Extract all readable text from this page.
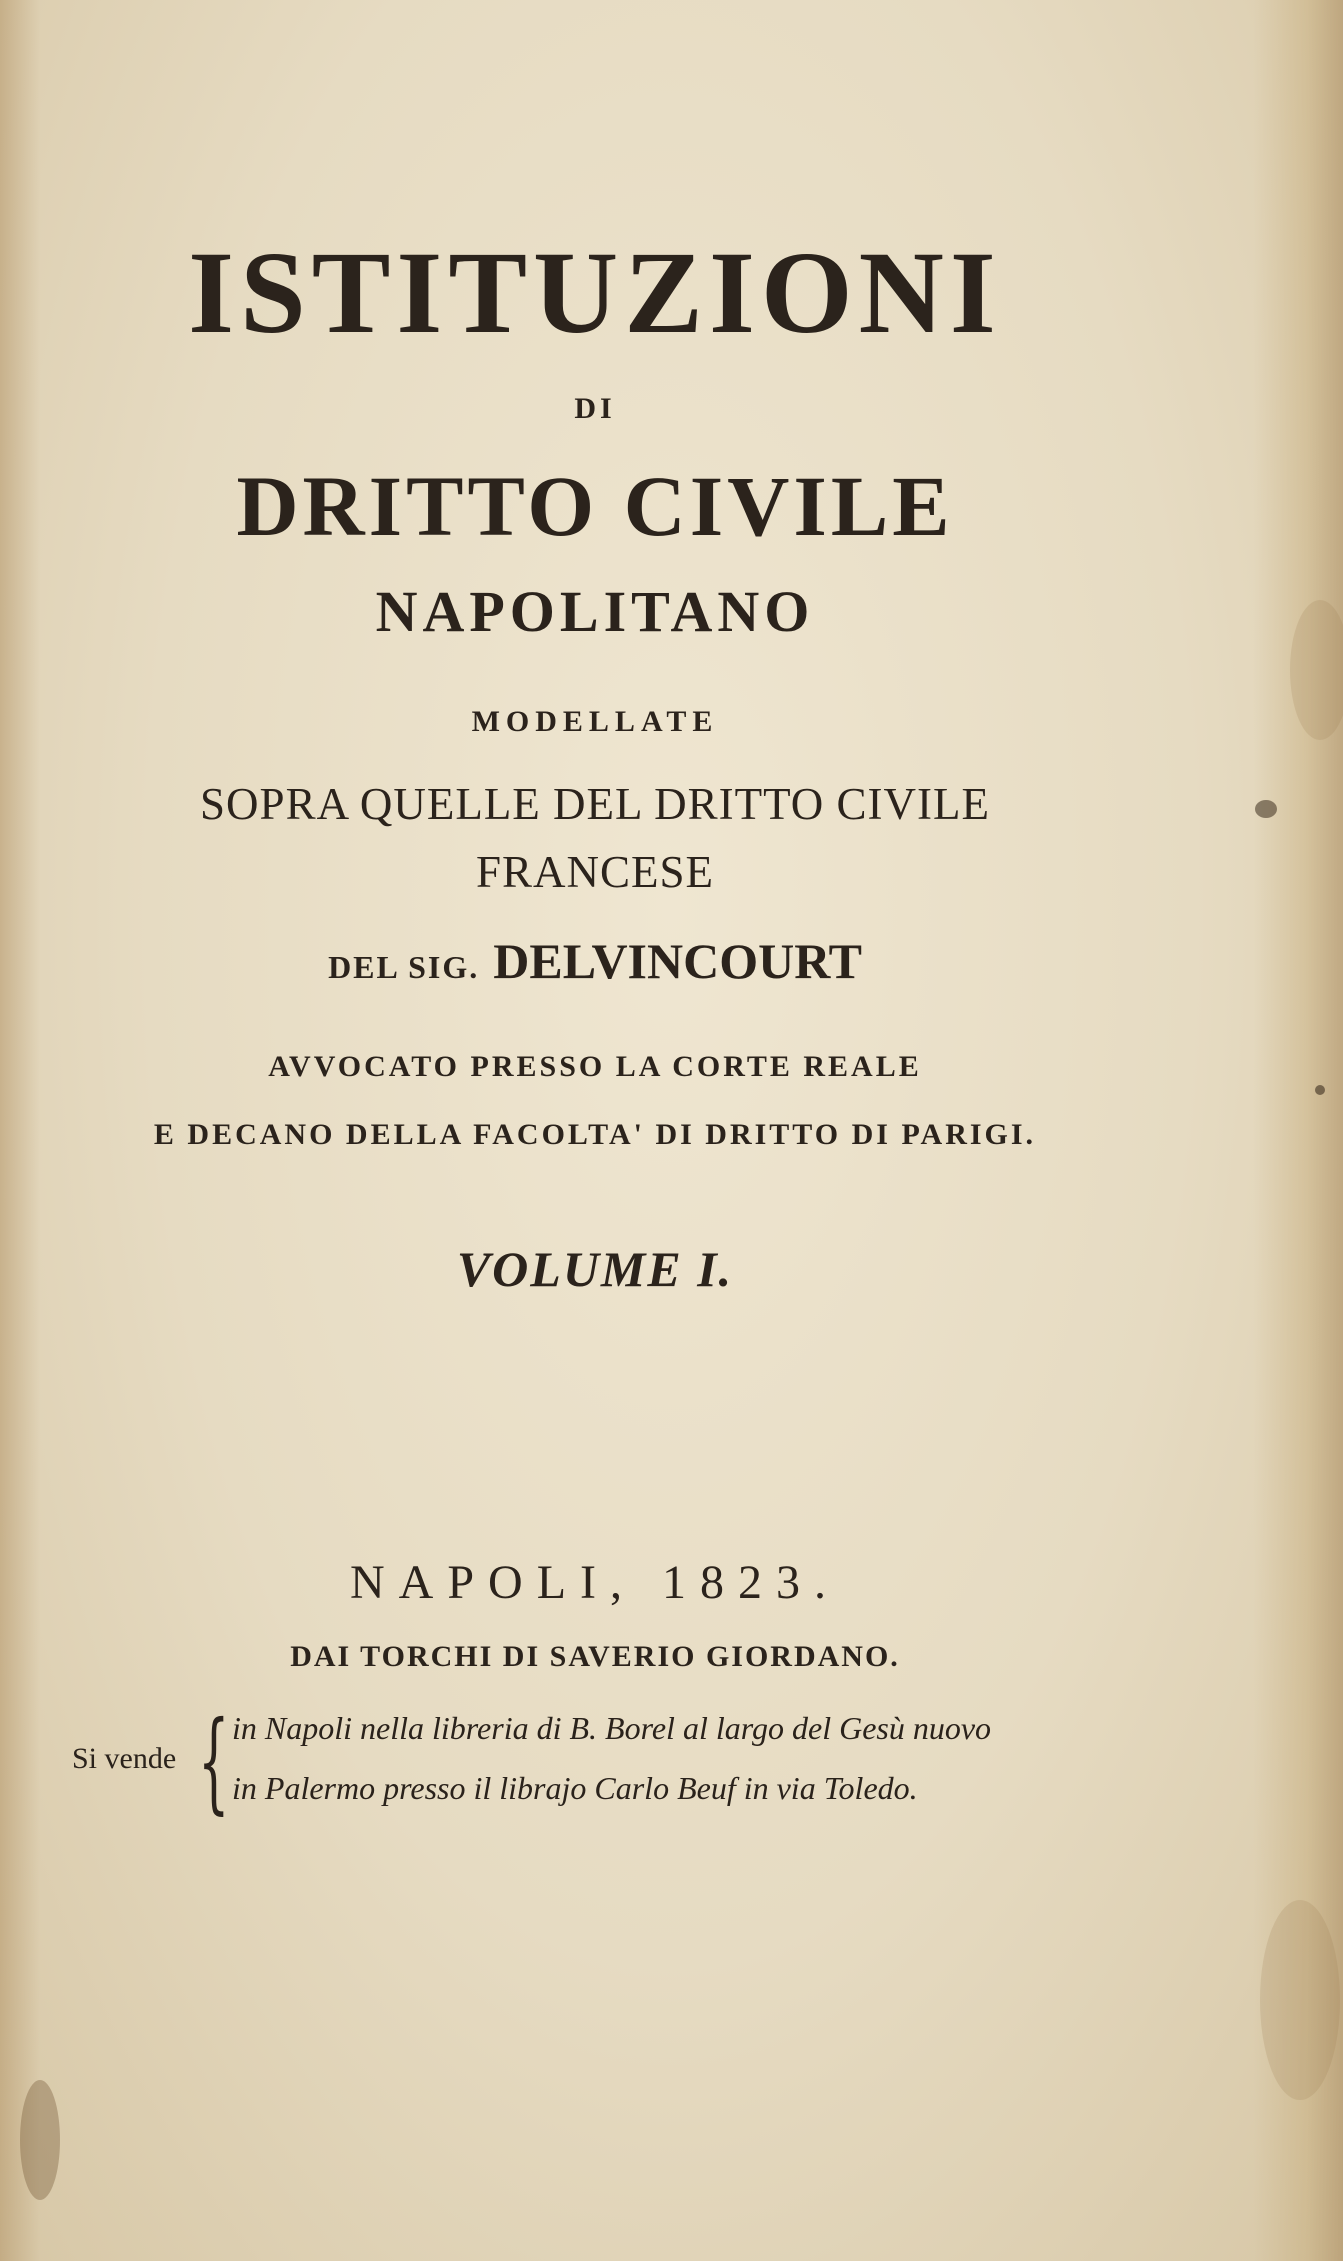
ISTITUZIONI
DI
DRITTO CIVILE
NAPOLITANO
MODELLATE
SOPRA QUELLE DEL DRITTO CIVILE
FRANCESE
DEL SIG. DELVINCOURT
AVVOCATO PRESSO LA CORTE REALE
E DECANO DELLA FACOLTA' DI DRITTO DI PARIGI.
VOLUME I.
NAPOLI, 1823.
DAI TORCHI DI SAVERIO GIORDANO.
Si vende { in Napoli nella libreria di B. Borel al largo del Gesù nuovo
in Palermo presso il librajo Carlo Beuf in via Toledo.
